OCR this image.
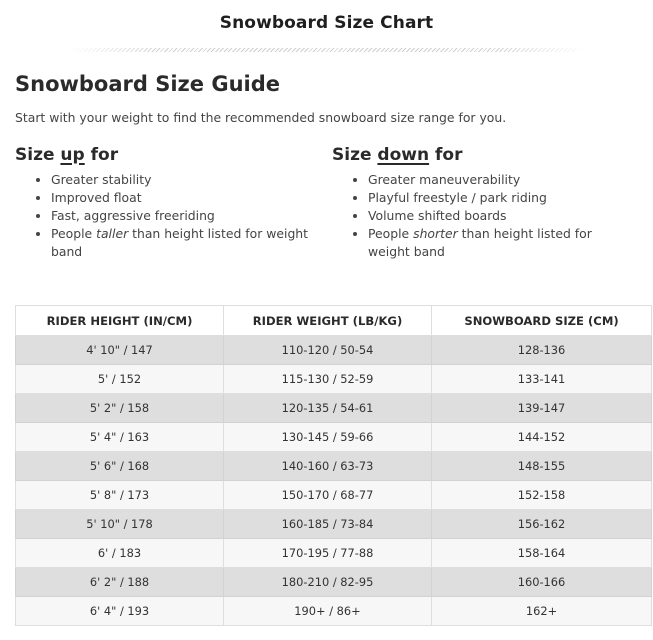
Snowboard Size Chart
Snowboard Size Guide

Start with your weight to find the recommended snowboard size range for you.

Size up for
• Greater stability
• Improved float
• Fast, aggressive freeriding
• People taller than height listed for weight band
Size down for
• Greater maneuverability
• Playful freestyle / park riding
• Volume shifted boards
• People shorter than height listed for weight band
RIDER HEIGHT (IN/CM)	RIDER WEIGHT (LB/KG)	SNOWBOARD SIZE (CM)
4' 10" / 147	110-120 / 50-54	128-136
5' / 152	115-130 / 52-59	133-141
5' 2" / 158	120-135 / 54-61	139-147
5' 4" / 163	130-145 / 59-66	144-152
5' 6" / 168	140-160 / 63-73	148-155
5' 8" / 173	150-170 / 68-77	152-158
5' 10" / 178	160-185 / 73-84	156-162
6' / 183	170-195 / 77-88	158-164
6' 2" / 188	180-210 / 82-95	160-166
6' 4" / 193	190+ / 86+	162+
